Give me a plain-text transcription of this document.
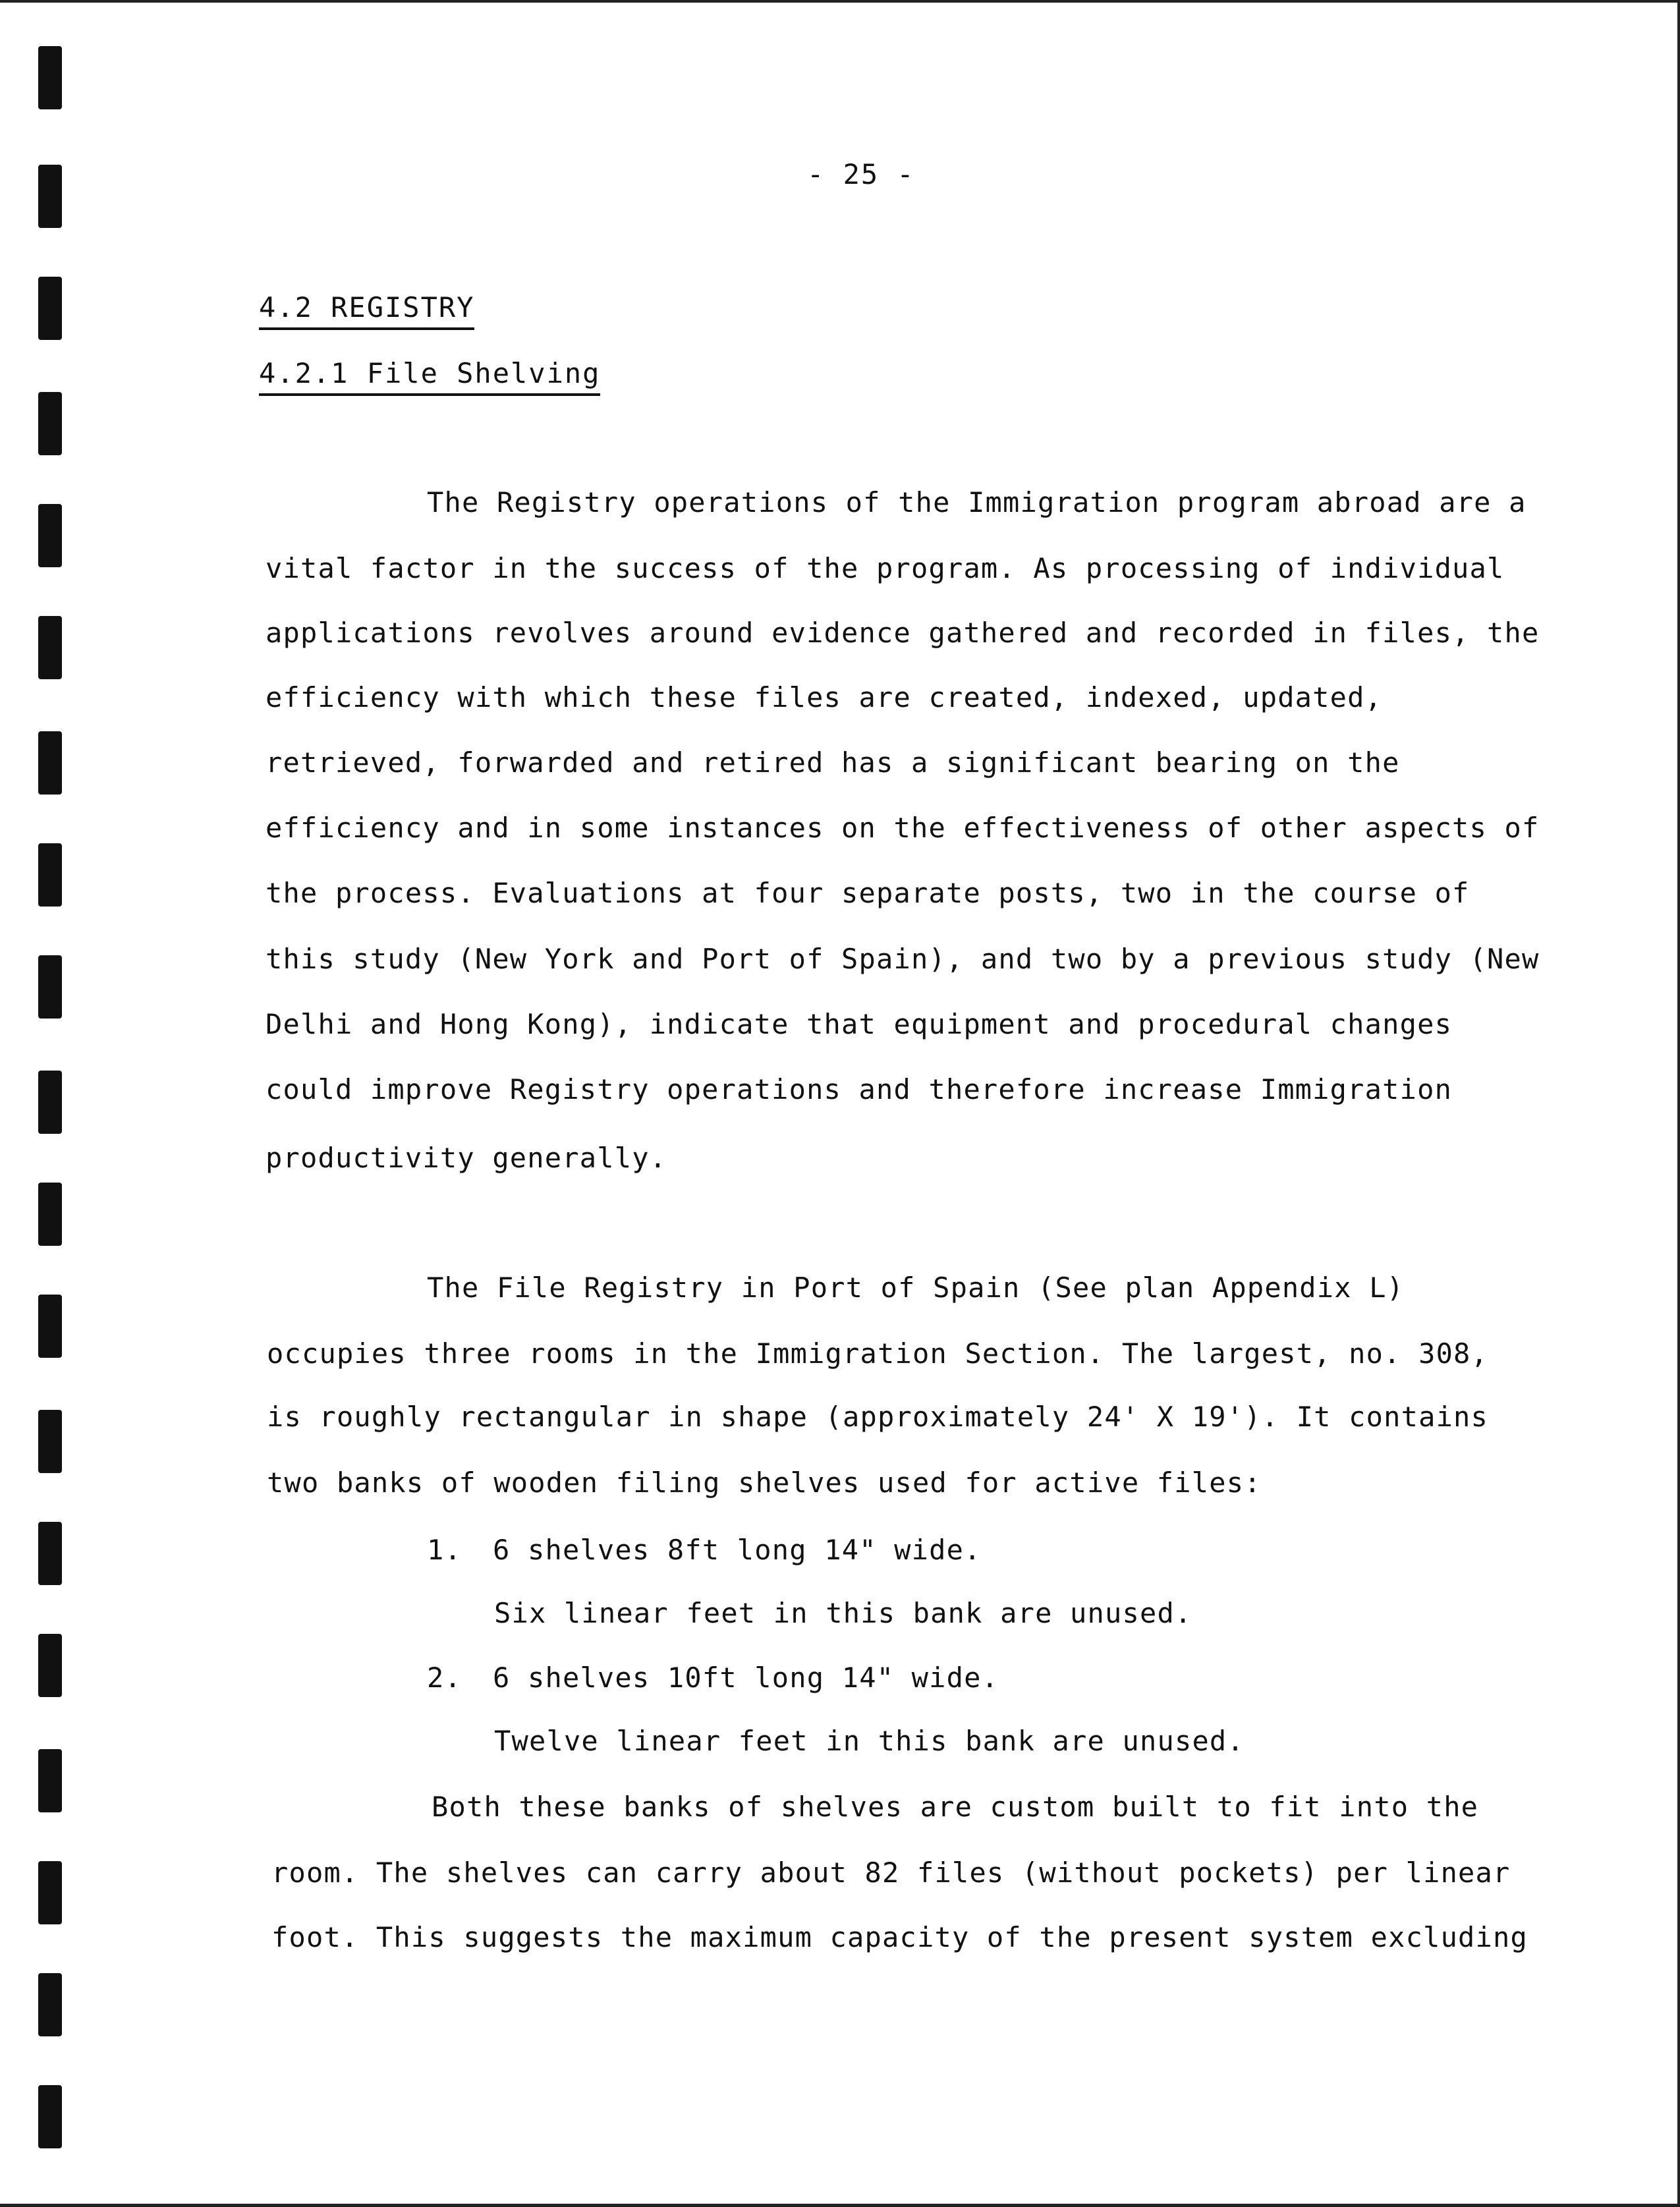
- 25 -
4.2 REGISTRY
4.2.1 File Shelving
The Registry operations of the Immigration program abroad are a
vital factor in the success of the program. As processing of individual
applications revolves around evidence gathered and recorded in files, the
efficiency with which these files are created, indexed, updated,
retrieved, forwarded and retired has a significant bearing on the
efficiency and in some instances on the effectiveness of other aspects of
the process. Evaluations at four separate posts, two in the course of
this study (New York and Port of Spain), and two by a previous study (New
Delhi and Hong Kong), indicate that equipment and procedural changes
could improve Registry operations and therefore increase Immigration
productivity generally.
The File Registry in Port of Spain (See plan Appendix L)
occupies three rooms in the Immigration Section. The largest, no. 308,
is roughly rectangular in shape (approximately 24' X 19'). It contains
two banks of wooden filing shelves used for active files:
1. 6 shelves 8ft long 14" wide.
Six linear feet in this bank are unused.
2. 6 shelves 10ft long 14" wide.
Twelve linear feet in this bank are unused.
Both these banks of shelves are custom built to fit into the
room. The shelves can carry about 82 files (without pockets) per linear
foot. This suggests the maximum capacity of the present system excluding
